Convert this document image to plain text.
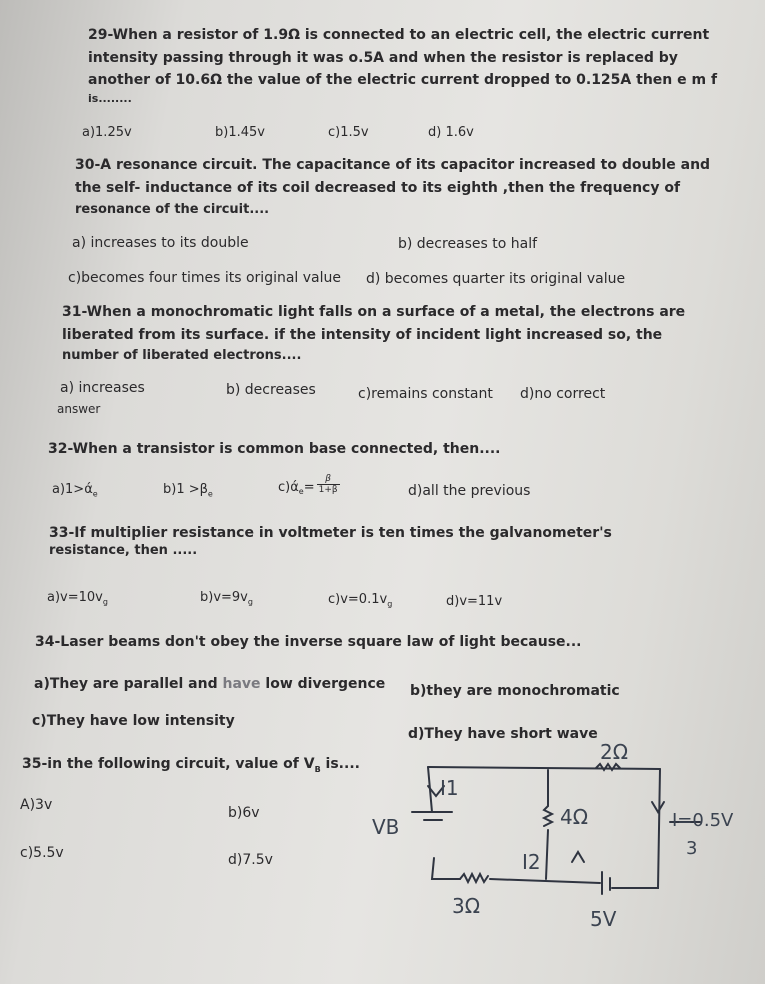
29-When a resistor of 1.9Ω is connected to an electric cell, the electric current
intensity passing through it was o.5A and when the resistor is replaced by
another of 10.6Ω the value of the electric current dropped to 0.125A then e m f
is........
a)1.25v	b)1.45v	c)1.5v	d) 1.6v
30-A resonance circuit. The capacitance of its capacitor increased to double and
the self- inductance of its coil decreased to its eighth ,then the frequency of
resonance of the circuit....
a) increases to its double	b) decreases to half
c)becomes four times its original value d) becomes quarter its original value
31-When a monochromatic light falls on a surface of a metal, the electrons are
liberated from its surface. if the intensity of incident light increased so, the
number of liberated electrons....
a) increases	b) decreases	c)remains constant d)no correct
answer
32-When a transistor is common base connected, then....
$a)1>ά_e$	$b)1 >\beta_e$	$c)ά_e = \frac{\beta}{1+\beta}$	d)all the previous
33-If multiplier resistance in voltmeter is ten times the galvanometer's
resistance, then .....
$a)v=10v_g$	$b)v=9v_g$	$c)v=0.1v_g$	d)v=11v
34-Laser beams don't obey the inverse square law of light because...
a)They are parallel and have low divergence b)they are monochromatic
c)They have low intensity
d)They have short wave
35-in the following circuit, value of $V_B$ is....
A)3v	b)6v
c)5.5v	d)7.5v
2Ω
I1
4Ω
VB	I=0.5V
3
I2
3Ω
5V
